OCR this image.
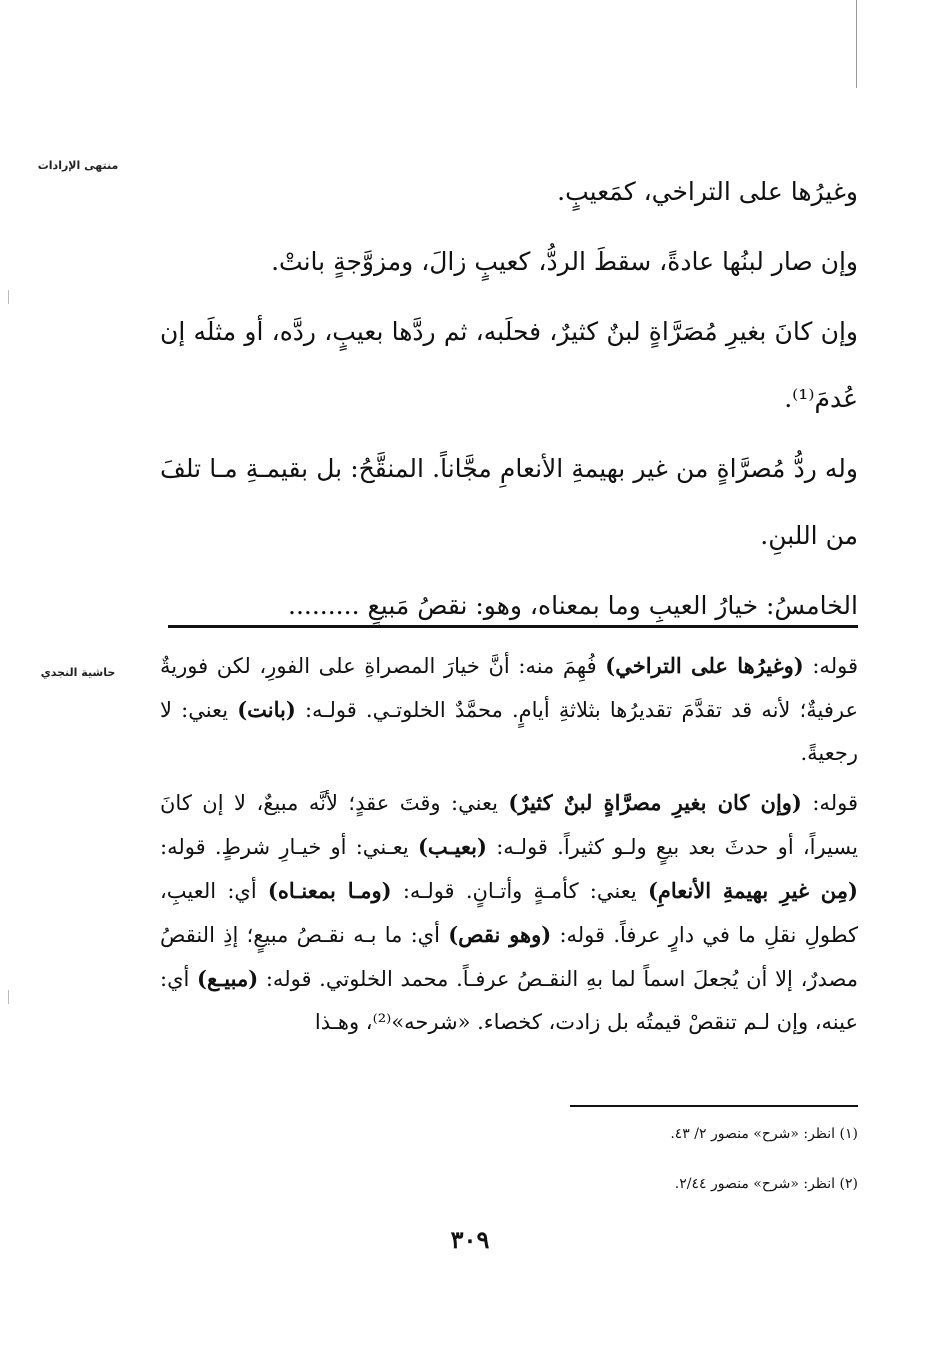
منتهى الإرادات
حاشية النجدي

وغيرُها على التراخي، كمَعيبٍ.

وإن صار لبنُها عادةً، سقطَ الردُّ، كعيبٍ زالَ، ومزوَّجةٍ بانتْ.

وإن كانَ بغيرِ مُصَرَّاةٍ لبنٌ كثيرٌ، فحلَبه، ثم ردَّها بعيبٍ، ردَّه، أو مثلَه إن عُدمَ⁽¹⁾.

وله ردُّ مُصرَّاةٍ من غير بهيمةِ الأنعامِ مجَّاناً. المنقَّحُ: بل بقيمـةِ مـا تلفَ من اللبنِ.

الخامسُ: خيارُ العيبِ وما بمعناه، وهو: نقصُ مَبيعٍ .........

قوله: (وغيرُها على التراخي) فُهِمَ منه: أنَّ خيارَ المصراةِ على الفورِ، لكن فوريةٌ عرفيةٌ؛ لأنه قد تقدَّمَ تقديرُها بثلاثةِ أيامٍ. محمَّدٌ الخلوتـي. قولـه: (بانت) يعني: لا رجعيةً.

قوله: (وإن كان بغيرِ مصرَّاةٍ لبنٌ كثيرٌ) يعني: وقتَ عقدٍ؛ لأنَّه مبيعٌ، لا إن كانَ يسيراً، أو حدثَ بعد بيعٍ ولـو كثيراً. قولـه: (بعيـب) يعـني: أو خيـارِ شرطٍ. قوله: (مِن غيرِ بهيمةِ الأنعامِ) يعني: كأمـةٍ وأتـانٍ. قولـه: (ومـا بمعنـاه) أي: العيبِ، كطولِ نقلِ ما في دارٍ عرفاً. قوله: (وهو نقص) أي: ما بـه نقـصُ مبيعٍ؛ إذِ النقصُ مصدرٌ، إلا أن يُجعلَ اسماً لما بهِ النقـصُ عرفـاً. محمد الخلوتي. قوله: (مبيـع) أي: عينه، وإن لـم تنقصْ قيمتُه بل زادت، كخصاء. «شرحه»⁽²⁾، وهـذا

(١) انظر: «شرح» منصور ٢/ ٤٣.
(٢) انظر: «شرح» منصور ٢/٤٤.
٣٠٩
